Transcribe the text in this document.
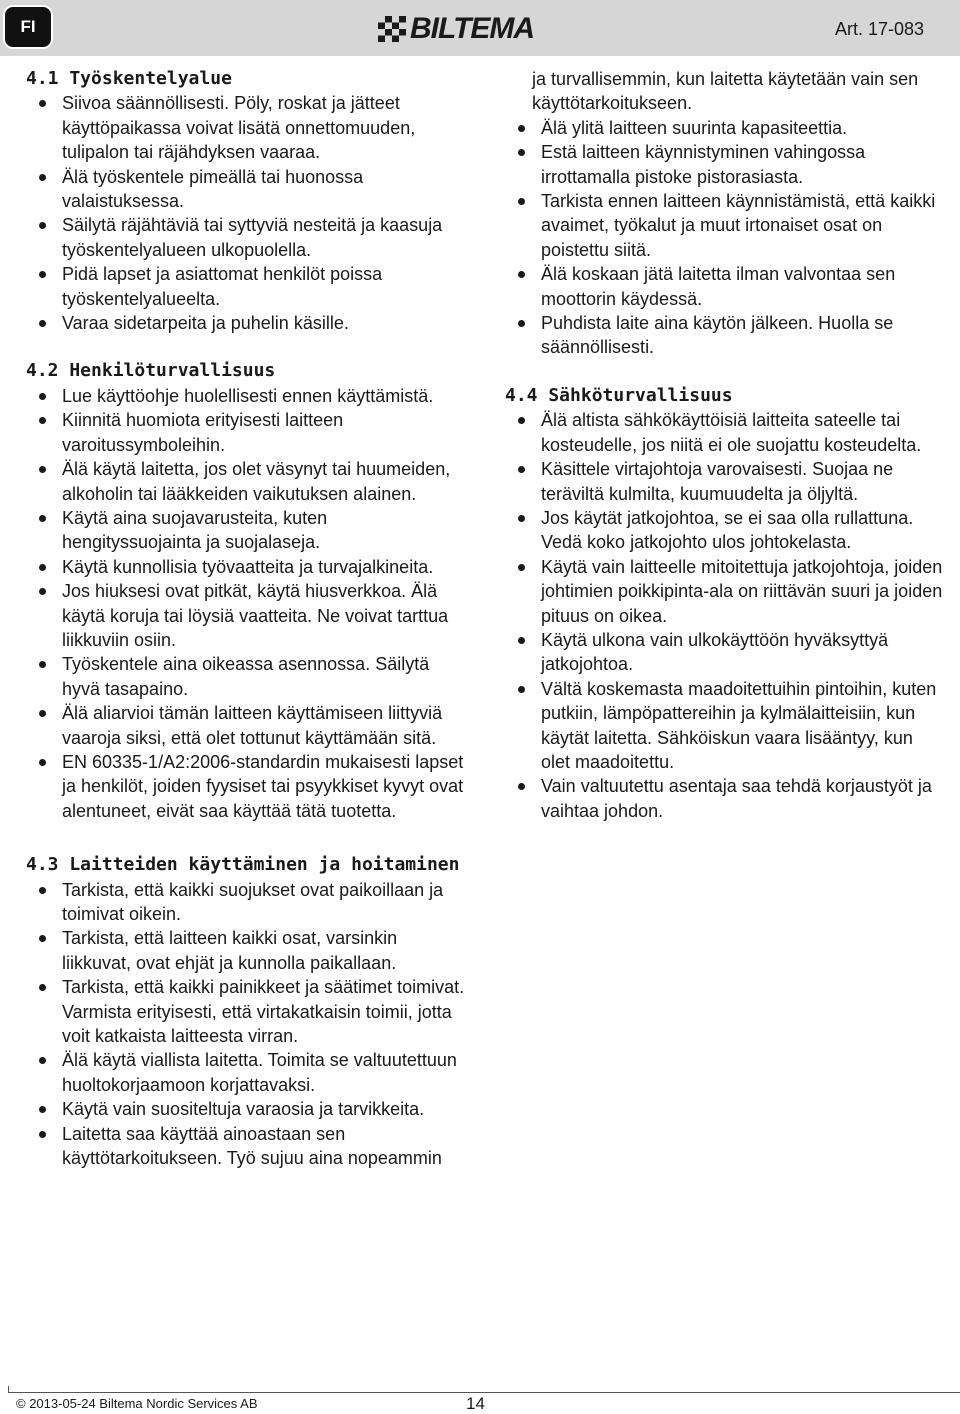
FI	BILTEMA	Art. 17-083
4.1 Työskentelyalue
Siivoa säännöllisesti. Pöly, roskat ja jätteet käyttöpaikassa voivat lisätä onnettomuuden, tulipalon tai räjähdyksen vaaraa.
Älä työskentele pimeällä tai huonossa valaistuksessa.
Säilytä räjähtäviä tai syttyviä nesteitä ja kaasuja työskentelyalueen ulkopuolella.
Pidä lapset ja asiattomat henkilöt poissa työskentelyalueelta.
Varaa sidetarpeita ja puhelin käsille.
4.2 Henkilöturvallisuus
Lue käyttöohje huolellisesti ennen käyttämistä.
Kiinnitä huomiota erityisesti laitteen varoitussymboleihin.
Älä käytä laitetta, jos olet väsynyt tai huumeiden, alkoholin tai lääkkeiden vaikutuksen alainen.
Käytä aina suojavarusteita, kuten hengityssuojainta ja suojalaseja.
Käytä kunnollisia työvaatteita ja turvajalkineita.
Jos hiuksesi ovat pitkät, käytä hiusverkkoa. Älä käytä koruja tai löysiä vaatteita. Ne voivat tarttua liikkuviin osiin.
Työskentele aina oikeassa asennossa. Säilytä hyvä tasapaino.
Älä aliarvioi tämän laitteen käyttämiseen liittyviä vaaroja siksi, että olet tottunut käyttämään sitä.
EN 60335-1/A2:2006-standardin mukaisesti lapset ja henkilöt, joiden fyysiset tai psyykkiset kyvyt ovat alentuneet, eivät saa käyttää tätä tuotetta.
4.3 Laitteiden käyttäminen ja hoitaminen
Tarkista, että kaikki suojukset ovat paikoillaan ja toimivat oikein.
Tarkista, että laitteen kaikki osat, varsinkin liikkuvat, ovat ehjät ja kunnolla paikallaan.
Tarkista, että kaikki painikkeet ja säätimet toimivat. Varmista erityisesti, että virtakatkaisin toimii, jotta voit katkaista laitteesta virran.
Älä käytä viallista laitetta. Toimita se valtuutettuun huoltokorjaamoon korjattavaksi.
Käytä vain suositeltuja varaosia ja tarvikkeita.
Laitetta saa käyttää ainoastaan sen käyttötarkoitukseen. Työ sujuu aina nopeammin

ja turvallisemmin, kun laitetta käytetään vain sen käyttötarkoitukseen.

Älä ylitä laitteen suurinta kapasiteettia.
Estä laitteen käynnistyminen vahingossa irrottamalla pistoke pistorasiasta.
Tarkista ennen laitteen käynnistämistä, että kaikki avaimet, työkalut ja muut irtonaiset osat on poistettu siitä.
Älä koskaan jätä laitetta ilman valvontaa sen moottorin käydessä.
Puhdista laite aina käytön jälkeen. Huolla se säännöllisesti.
4.4 Sähköturvallisuus
Älä altista sähkökäyttöisiä laitteita sateelle tai kosteudelle, jos niitä ei ole suojattu kosteudelta.
Käsittele virtajohtoja varovaisesti. Suojaa ne teräviltä kulmilta, kuumuudelta ja öljyltä.
Jos käytät jatkojohtoa, se ei saa olla rullattuna. Vedä koko jatkojohto ulos johtokelasta.
Käytä vain laitteelle mitoitettuja jatkojohtoja, joiden johtimien poikkipinta-ala on riittävän suuri ja joiden pituus on oikea.
Käytä ulkona vain ulkokäyttöön hyväksyttyä jatkojohtoa.
Vältä koskemasta maadoitettuihin pintoihin, kuten putkiin, lämpöpattereihin ja kylmälaitteisiin, kun käytät laitetta. Sähköiskun vaara lisääntyy, kun olet maadoitettu.
Vain valtuutettu asentaja saa tehdä korjaustyöt ja vaihtaa johdon.
© 2013-05-24 Biltema Nordic Services AB	14
